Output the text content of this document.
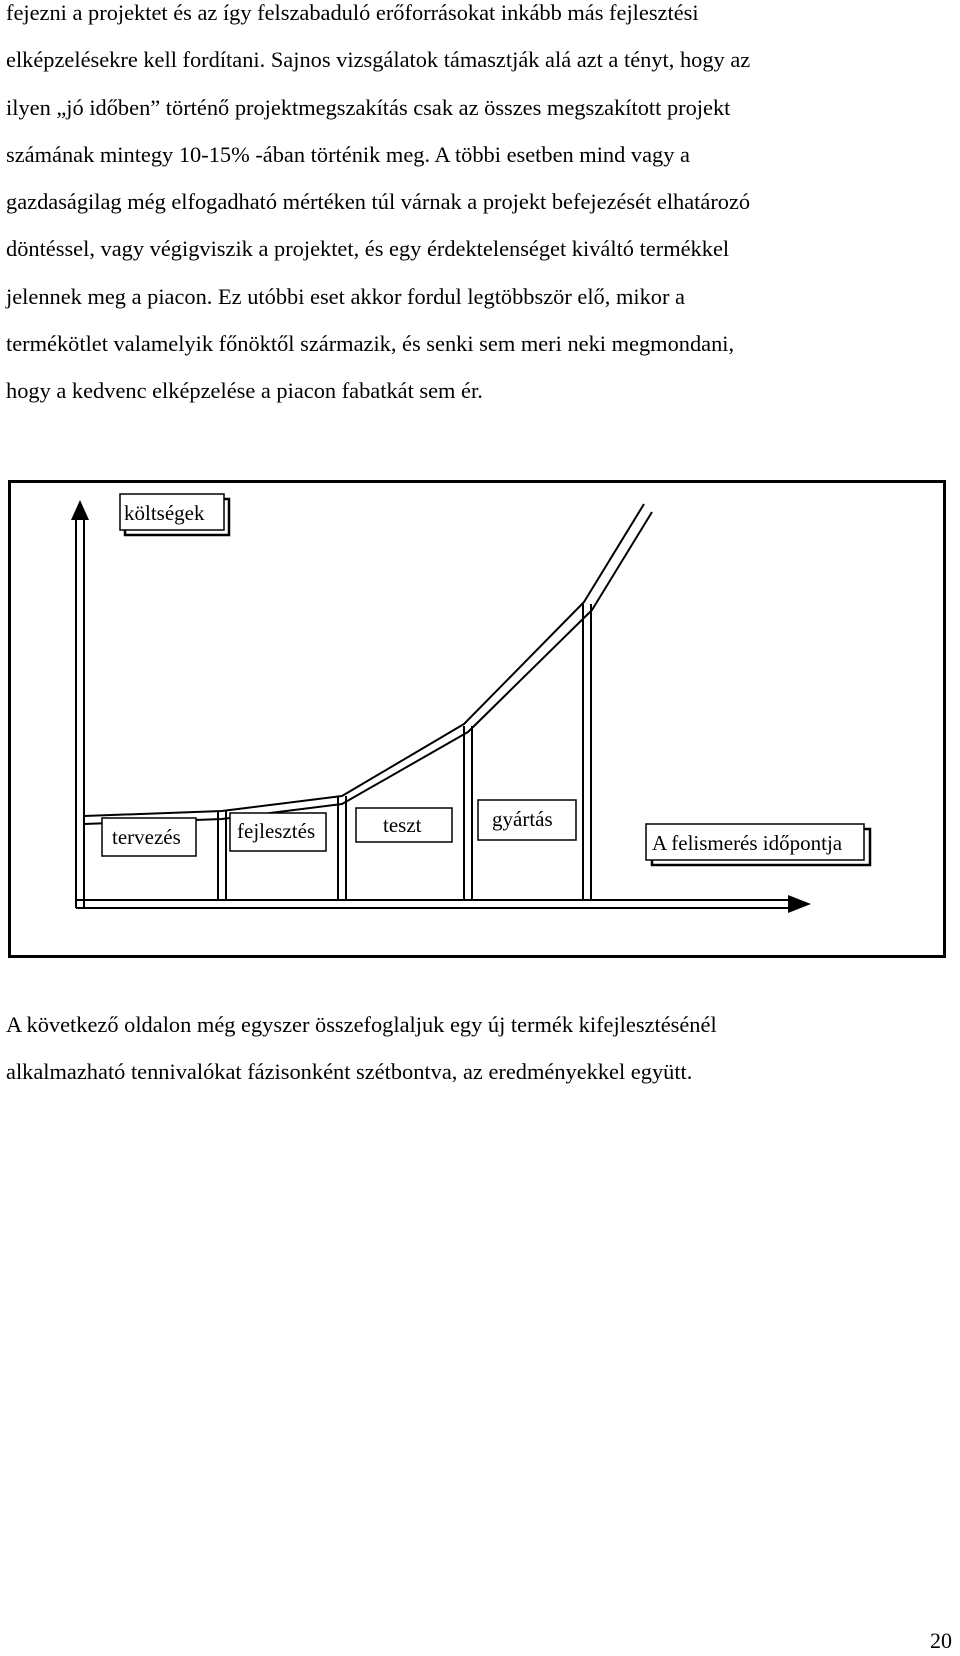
fejezni a projektet és az így felszabaduló erőforrásokat inkább más fejlesztési
elképzelésekre kell fordítani. Sajnos vizsgálatok támasztják alá azt a tényt, hogy az
ilyen „jó időben” történő projektmegszakítás csak az összes megszakított projekt
számának mintegy 10-15% -ában történik meg. A többi esetben mind vagy a
gazdaságilag még elfogadható mértéken túl várnak a projekt befejezését elhatározó
döntéssel, vagy végigviszik a projektet, és egy érdektelenséget kiváltó termékkel
jelennek meg a piacon. Ez utóbbi eset akkor fordul legtöbbször elő, mikor a
termékötlet valamelyik főnöktől származik, és senki sem meri neki megmondani,
hogy a kedvenc elképzelése a piacon fabatkát sem ér.
költségek
tervezés	fejlesztés	teszt	gyártás
A felismerés időpontja
A következő oldalon még egyszer összefoglaljuk egy új termék kifejlesztésénél
alkalmazható tennivalókat fázisonként szétbontva, az eredményekkel együtt.

20
